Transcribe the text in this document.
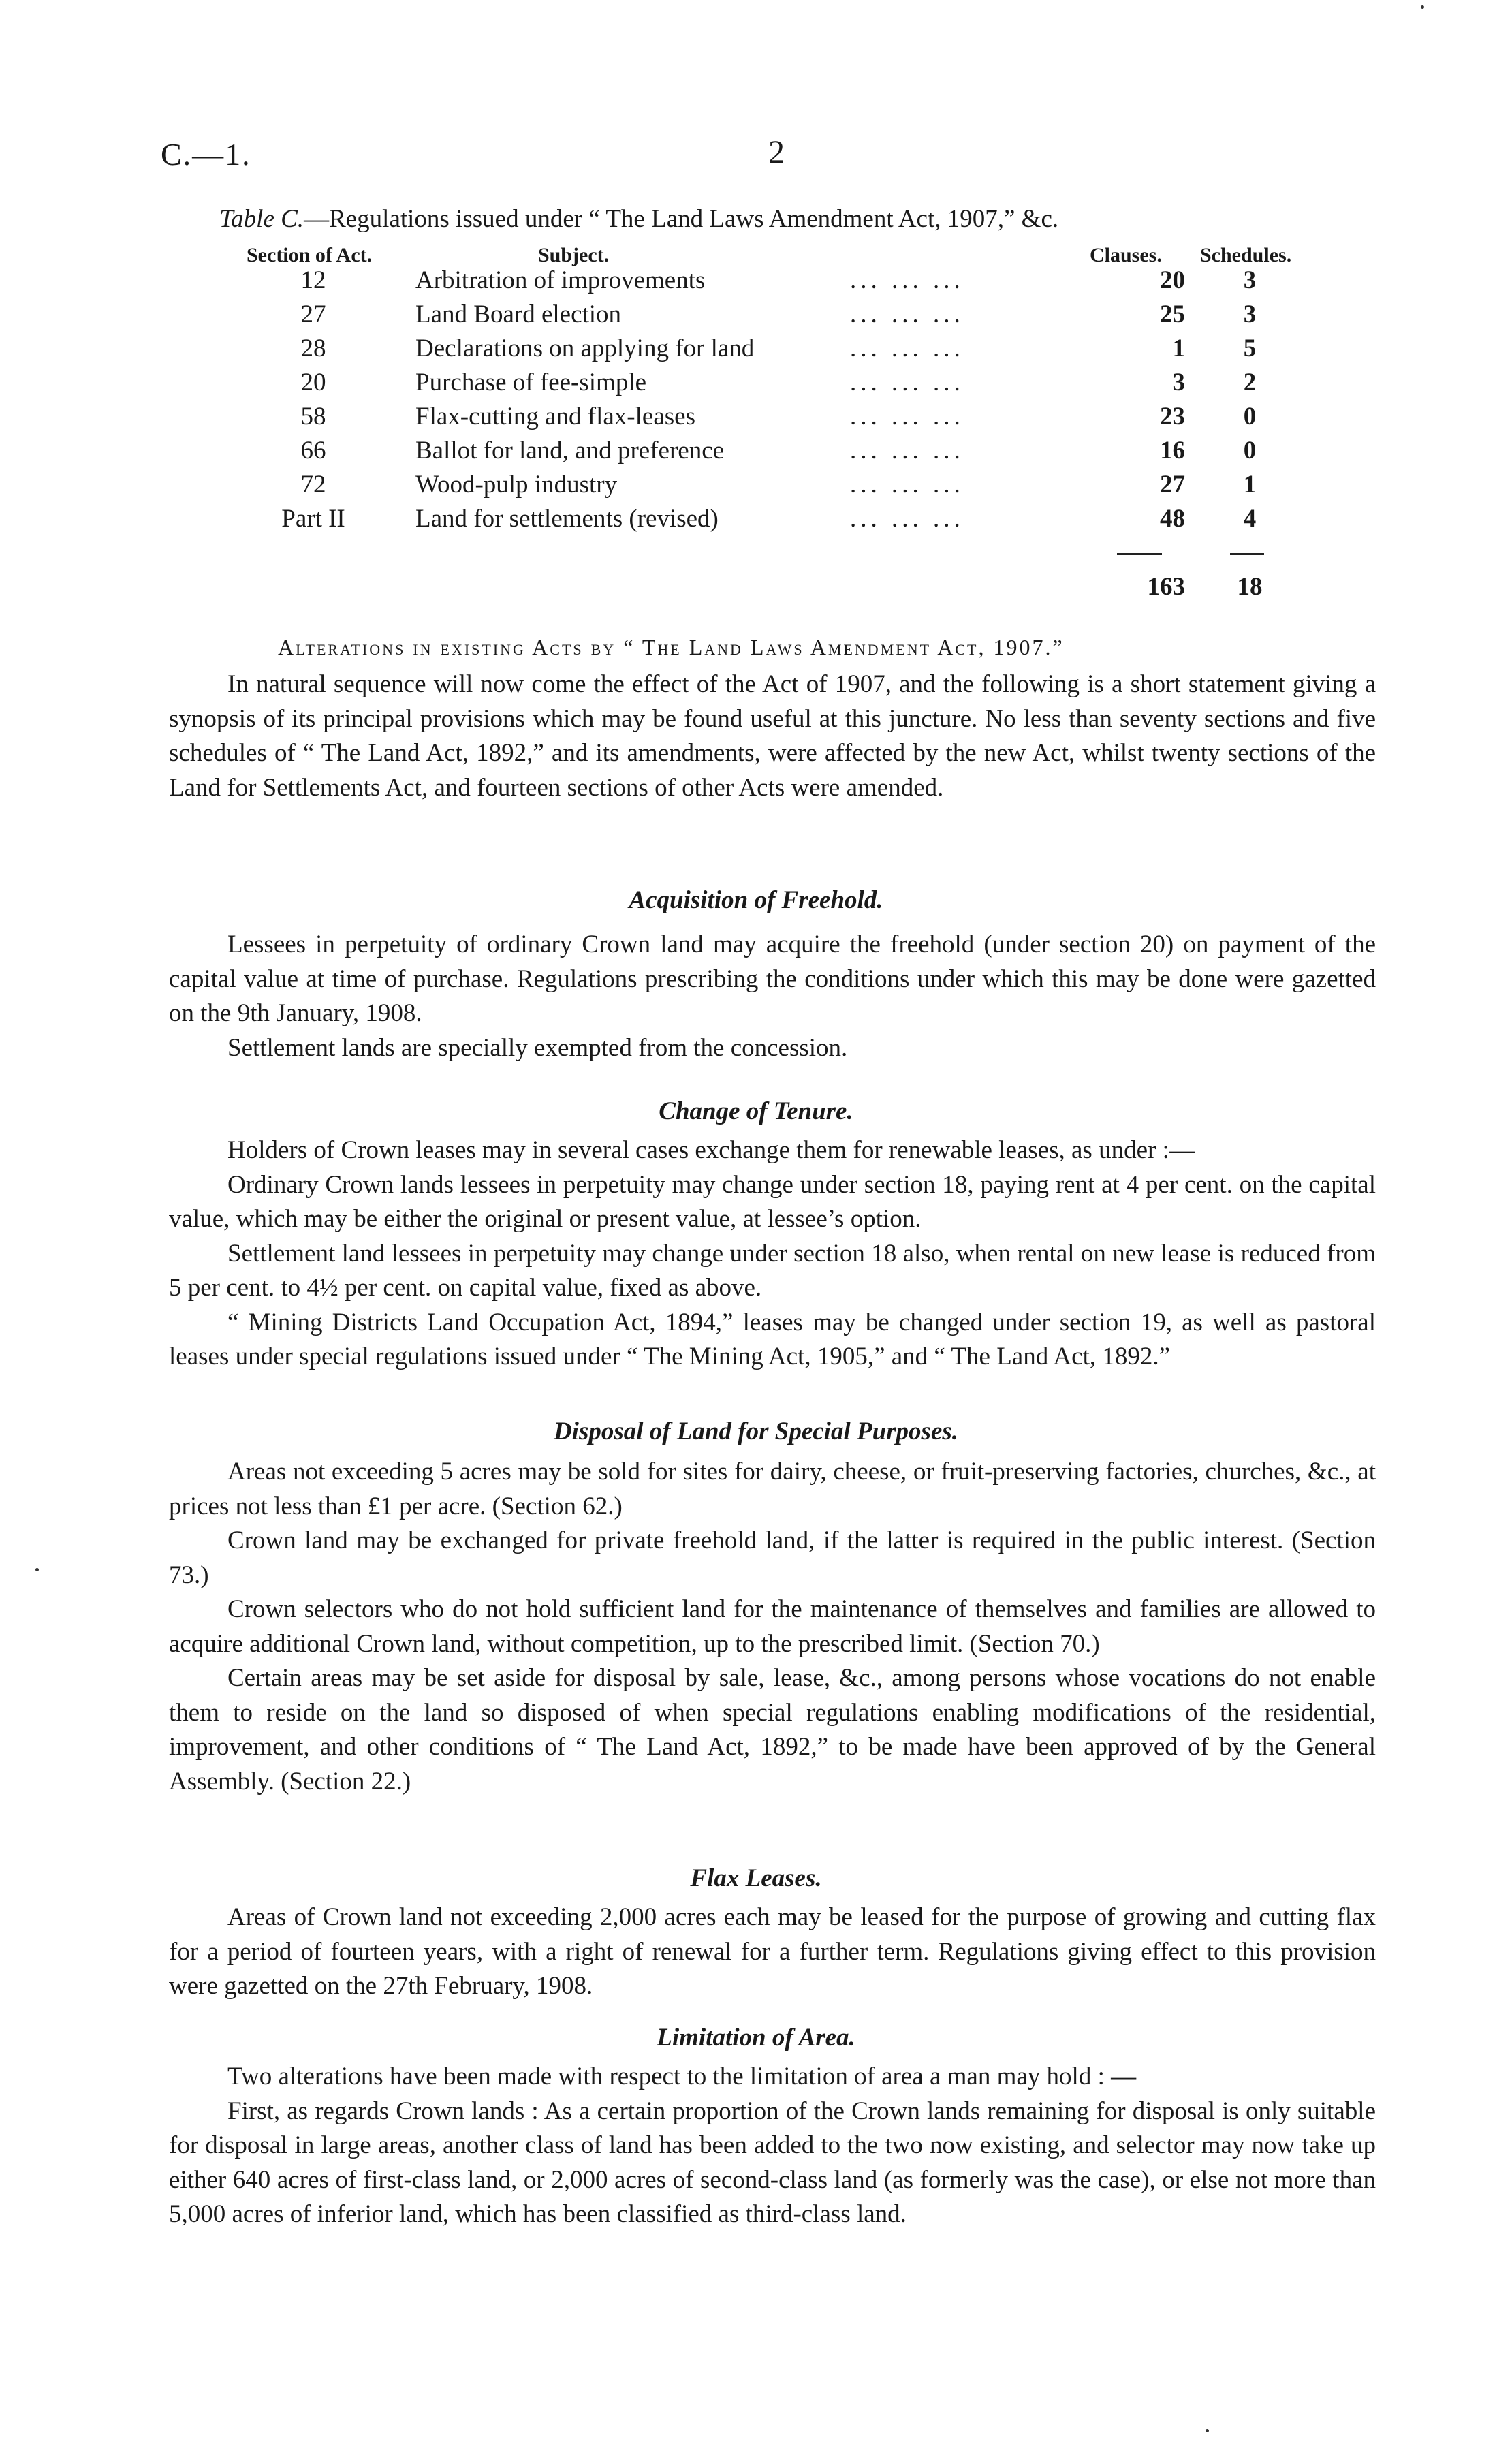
C.—1.	2
Table C.—Regulations issued under “ The Land Laws Amendment Act, 1907,” &c.
Section of Act.	Subject.	Clauses. Schedules.
12	Arbitration of improvements	... ... ...	20	3
27	Land Board election	... ... ...	25	3
28	Declarations on applying for land	... ... ...	1	5
20	Purchase of fee-simple	... ... ...	3	2
58	Flax-cutting and flax-leases	... ... ...	23	0
66	Ballot for land, and preference	... ... ...	16	0
72	Wood-pulp industry	... ... ...	27	1
Part II	Land for settlements (revised)	... ... ...	48	4
163	18
Alterations in existing Acts by “ The Land Laws Amendment Act, 1907.”

In natural sequence will now come the effect of the Act of 1907, and the following is a short statement giving a synopsis of its principal provisions which may be found useful at this juncture. No less than seventy sections and five schedules of “ The Land Act, 1892,” and its amendments, were affected by the new Act, whilst twenty sections of the Land for Settlements Act, and fourteen sections of other Acts were amended.

Acquisition of Freehold.

Lessees in perpetuity of ordinary Crown land may acquire the freehold (under section 20) on payment of the capital value at time of purchase. Regulations prescribing the conditions under which this may be done were gazetted on the 9th January, 1908.

Settlement lands are specially exempted from the concession.

Change of Tenure.

Holders of Crown leases may in several cases exchange them for renewable leases, as under :—

Ordinary Crown lands lessees in perpetuity may change under section 18, paying rent at 4 per cent. on the capital value, which may be either the original or present value, at lessee’s option.

Settlement land lessees in perpetuity may change under section 18 also, when rental on new lease is reduced from 5 per cent. to 4½ per cent. on capital value, fixed as above.

“ Mining Districts Land Occupation Act, 1894,” leases may be changed under section 19, as well as pastoral leases under special regulations issued under “ The Mining Act, 1905,” and “ The Land Act, 1892.”

Disposal of Land for Special Purposes.

Areas not exceeding 5 acres may be sold for sites for dairy, cheese, or fruit-preserving factories, churches, &c., at prices not less than £1 per acre. (Section 62.)

Crown land may be exchanged for private freehold land, if the latter is required in the public interest. (Section 73.)

Crown selectors who do not hold sufficient land for the maintenance of themselves and families are allowed to acquire additional Crown land, without competition, up to the prescribed limit. (Section 70.)

Certain areas may be set aside for disposal by sale, lease, &c., among persons whose vocations do not enable them to reside on the land so disposed of when special regulations enabling modifications of the residential, improvement, and other conditions of “ The Land Act, 1892,” to be made have been approved of by the General Assembly. (Section 22.)

Flax Leases.

Areas of Crown land not exceeding 2,000 acres each may be leased for the purpose of growing and cutting flax for a period of fourteen years, with a right of renewal for a further term. Regulations giving effect to this provision were gazetted on the 27th February, 1908.

Limitation of Area.

Two alterations have been made with respect to the limitation of area a man may hold : —

First, as regards Crown lands : As a certain proportion of the Crown lands remaining for disposal is only suitable for disposal in large areas, another class of land has been added to the two now existing, and selector may now take up either 640 acres of first-class land, or 2,000 acres of second-class land (as formerly was the case), or else not more than 5,000 acres of inferior land, which has been classified as third-class land.
